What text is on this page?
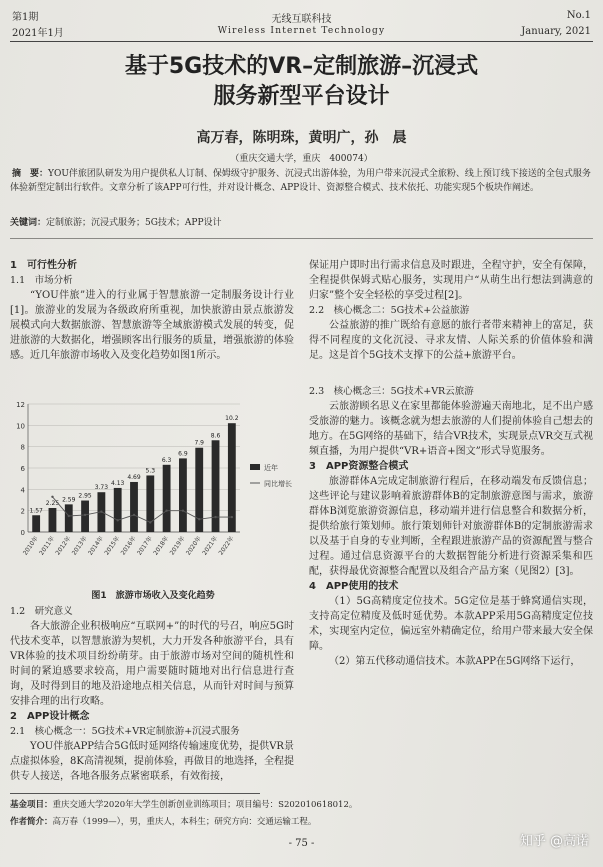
第1期
2021年1月
无线互联科技
Wireless Internet Technology
No.1
January, 2021
基于5G技术的VR–定制旅游–沉浸式
服务新型平台设计
高万春，陈明珠，黄明广，孙　晨
（重庆交通大学，重庆　400074）
摘　要：YOU伴旅团队研发为用户提供私人订制、保姆级守护服务、沉浸式出游体验，为用户带来沉浸式全旅粉、线上预订线下接送的全包式服务体验新型定制出行软件。文章分析了该APP可行性，并对设计概念、APP设计、资源整合模式、技术依托、功能实现5个板块作阐述。
关键词：定制旅游；沉浸式服务；5G技术；APP设计
1　可行性分析
1.1　市场分析

“YOU伴旅”进入的行业属于智慧旅游一定制服务设计行业[1]。旅游业的发展为各级政府所重视，加快旅游由景点旅游发展模式向大数据旅游、智慧旅游等全域旅游模式发展的转变，促进旅游的大数据化，增强顾客出行服务的质量，增强旅游的体验感。近几年旅游市场收入及变化趋势如图1所示。

0
2
4
6
8
10
12
1.57
2010年
2.25
2011年
2.59
2012年
2.95
2013年
3.73
2014年
4.13
2015年
4.69
2016年
5.3
2017年
6.3
2018年
6.9
2019年
7.9
2020年
8.6
2021年
10.2
2022年
近年
同比增长
图1　旅游市场收入及变化趋势
1.2　研究意义

各大旅游企业积极响应“互联网+”的时代的号召，响应5G时代技术变革，以智慧旅游为契机，大力开发各种旅游平台，具有VR体验的技术项目纷纷萌芽。由于旅游市场对空间的随机性和时间的紧迫感要求较高，用户需要随时随地对出行信息进行查询，及时得到目的地及沿途地点相关信息，从而针对时间与预算安排合理的出行攻略。

2　APP设计概念
2.1　核心概念一：5G技术+VR定制旅游+沉浸式服务

YOU伴旅APP结合5G低时延网络传输速度优势，提供VR景点虚拟体验，8K高清视频，提前体验，再做目的地选择，全程提供专人接送，各地各服务点紧密联系，有效衔接，

保证用户即时出行需求信息及时跟进，全程守护，安全有保障，全程提供保姆式贴心服务，实现用户“从萌生出行想法到满意的归家”整个安全轻松的享受过程[2]。

2.2　核心概念二：5G技术+公益旅游

公益旅游的推广既给有意愿的旅行者带来精神上的富足，获得不同程度的文化沉浸、寻求友情、人际关系的价值体验和满足。这是首个5G技术支撑下的公益+旅游平台。

2.3　核心概念三：5G技术+VR云旅游

云旅游顾名思义在家里都能体验游遍天南地北，足不出户感受旅游的魅力。该概念就为想去旅游的人们提前体验自己想去的地方。在5G网络的基础下，结合VR技术，实现景点VR交互式视频直播，为用户提供“VR+语音+图文”形式导览服务。

3　APP资源整合模式

旅游群体A完成定制旅游行程后，在移动端发布反馈信息；这些评论与建议影响着旅游群体B的定制旅游意图与需求，旅游群体B浏览旅游资源信息，移动端并进行信息整合和数据分析，提供给旅行策划师。旅行策划师针对旅游群体B的定制旅游需求以及基于自身的专业判断，全程跟进旅游产品的资源配置与整合过程。通过信息资源平台的大数据智能分析进行资源采集和匹配，获得最优资源整合配置以及组合产品方案（见图2）[3]。

4　APP使用的技术

（1）5G高精度定位技术。5G定位是基于蜂窝通信实现，支持高定位精度及低时延优势。本款APP采用5G高精度定位技术，实现室内定位，偏远室外精确定位，给用户带来最大安全保障。

（2）第五代移动通信技术。本款APP在5G网络下运行，

基金项目：重庆交通大学2020年大学生创新创业训练项目；项目编号：S202010618012。
作者简介：高万春（1999—），男，重庆人，本科生；研究方向：交通运输工程。
- 75 -	知乎 @高诺
